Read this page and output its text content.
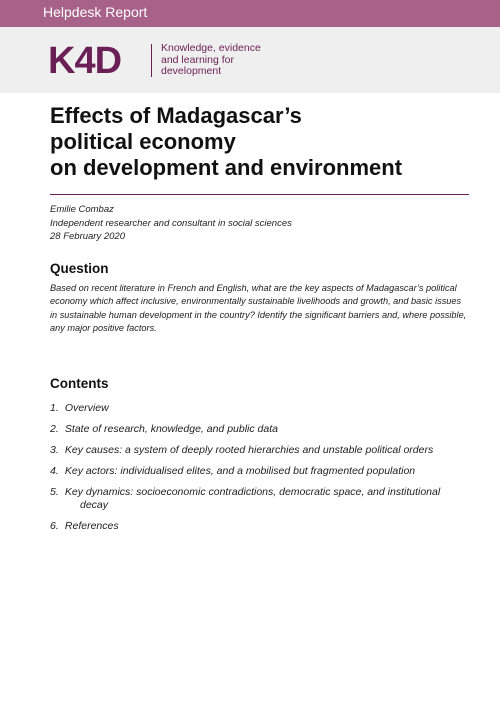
Helpdesk Report
K4D	Knowledge, evidence
and learning for
development
Effects of Madagascar’s
political economy
on development and environment
Emilie Combaz
Independent researcher and consultant in social sciences
28 February 2020
Question

Based on recent literature in French and English, what are the key aspects of Madagascar’s political economy which affect inclusive, environmentally sustainable livelihoods and growth, and basic issues in sustainable human development in the country? Identify the significant barriers and, where possible, any major positive factors.

Contents
1. Overview
2. State of research, knowledge, and public data
3. Key causes: a system of deeply rooted hierarchies and unstable political orders
4. Key actors: individualised elites, and a mobilised but fragmented population
5. Key dynamics: socioeconomic contradictions, democratic space, and institutional
decay
6. References
